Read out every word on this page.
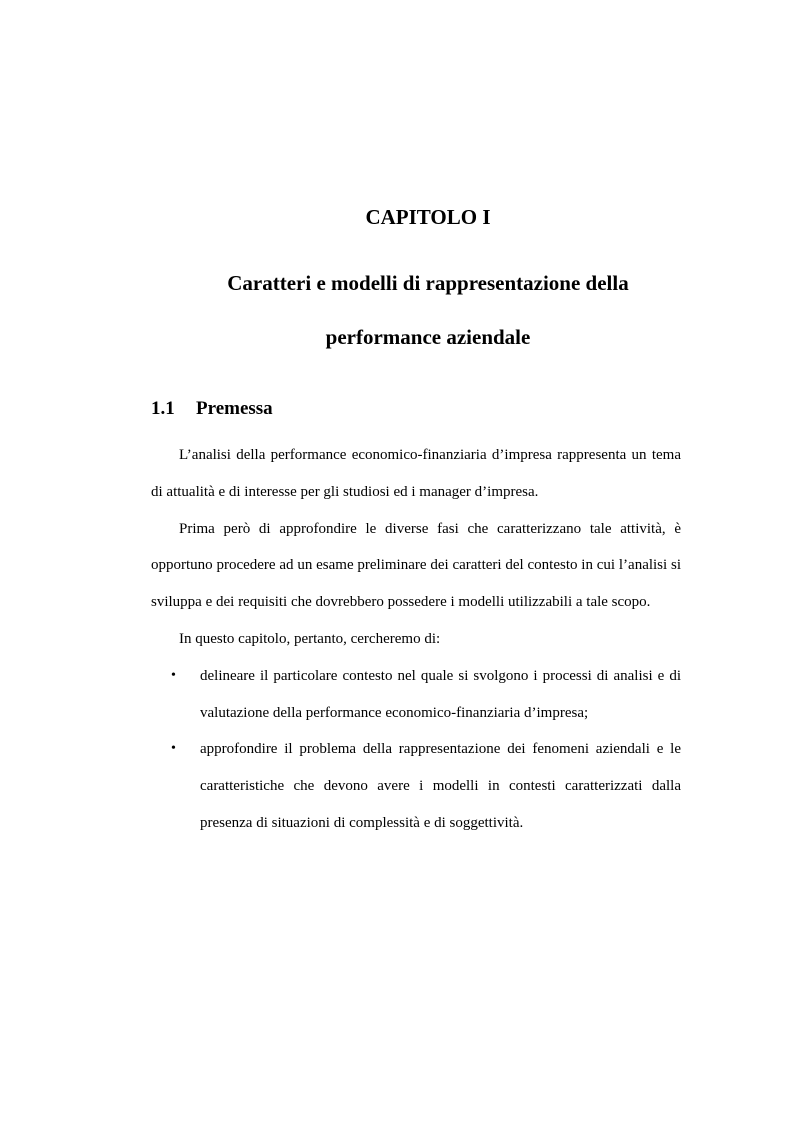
CAPITOLO I
Caratteri e modelli di rappresentazione della
performance aziendale
1.1 Premessa

L’analisi della performance economico-finanziaria d’impresa rappresenta un tema di attualità e di interesse per gli studiosi ed i manager d’impresa.

Prima però di approfondire le diverse fasi che caratterizzano tale attività, è opportuno procedere ad un esame preliminare dei caratteri del contesto in cui l’analisi si sviluppa e dei requisiti che dovrebbero possedere i modelli utilizzabili a tale scopo.

In questo capitolo, pertanto, cercheremo di:

• delineare il particolare contesto nel quale si svolgono i processi di analisi e di valutazione della performance economico-finanziaria d’impresa;
• approfondire il problema della rappresentazione dei fenomeni aziendali e le caratteristiche che devono avere i modelli in contesti caratterizzati dalla presenza di situazioni di complessità e di soggettività.
